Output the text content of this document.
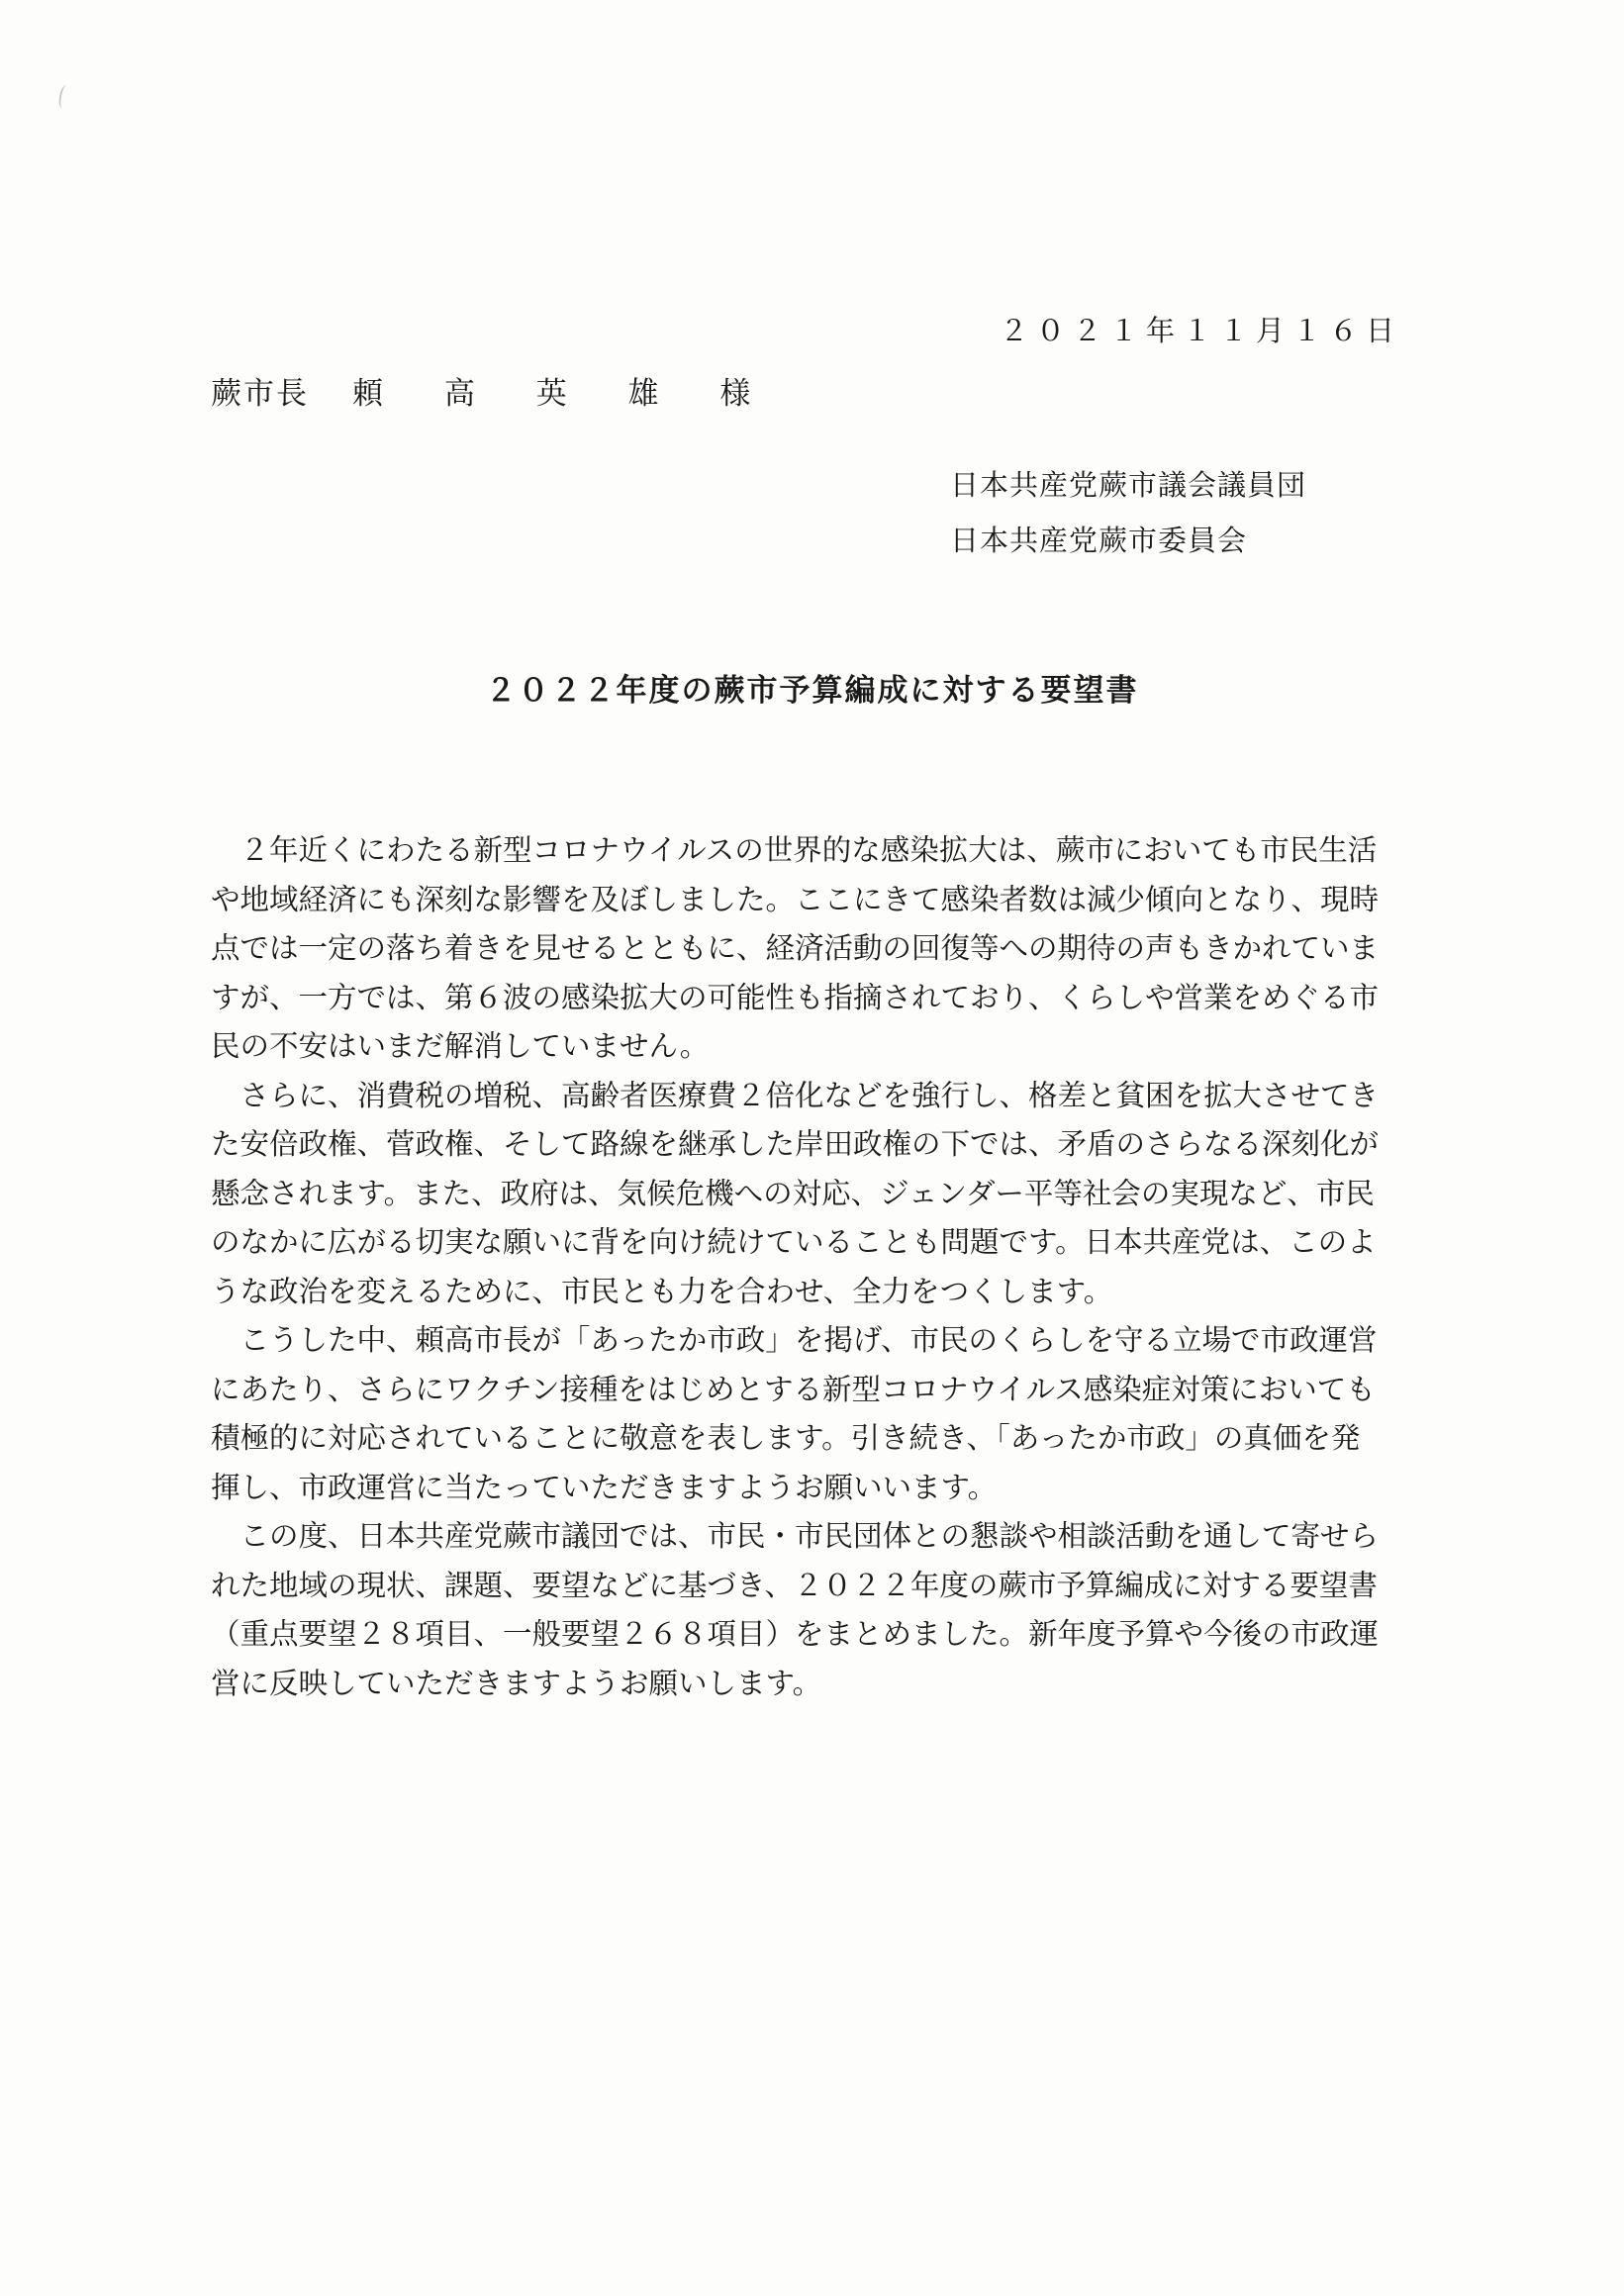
２０２１年１１月１６日
蕨市長 頼 高 英 雄 様
日本共産党蕨市議会議員団
日本共産党蕨市委員会
２０２２年度の蕨市予算編成に対する要望書

２年近くにわたる新型コロナウイルスの世界的な感染拡大は、蕨市においても市民生活や地域経済にも深刻な影響を及ぼしました。ここにきて感染者数は減少傾向となり、現時点では一定の落ち着きを見せるとともに、経済活動の回復等への期待の声もきかれていますが、一方では、第６波の感染拡大の可能性も指摘されており、くらしや営業をめぐる市民の不安はいまだ解消していません。

さらに、消費税の増税、高齢者医療費２倍化などを強行し、格差と貧困を拡大させてきた安倍政権、菅政権、そして路線を継承した岸田政権の下では、矛盾のさらなる深刻化が懸念されます。また、政府は、気候危機への対応、ジェンダー平等社会の実現など、市民のなかに広がる切実な願いに背を向け続けていることも問題です。日本共産党は、このような政治を変えるために、市民とも力を合わせ、全力をつくします。

こうした中、頼高市長が「あったか市政」を掲げ、市民のくらしを守る立場で市政運営にあたり、さらにワクチン接種をはじめとする新型コロナウイルス感染症対策においても積極的に対応されていることに敬意を表します。引き続き、「あったか市政」の真価を発揮し、市政運営に当たっていただきますようお願いいます。

この度、日本共産党蕨市議団では、市民・市民団体との懇談や相談活動を通して寄せられた地域の現状、課題、要望などに基づき、２０２２年度の蕨市予算編成に対する要望書（重点要望２８項目、一般要望２６８項目）をまとめました。新年度予算や今後の市政運営に反映していただきますようお願いします。
